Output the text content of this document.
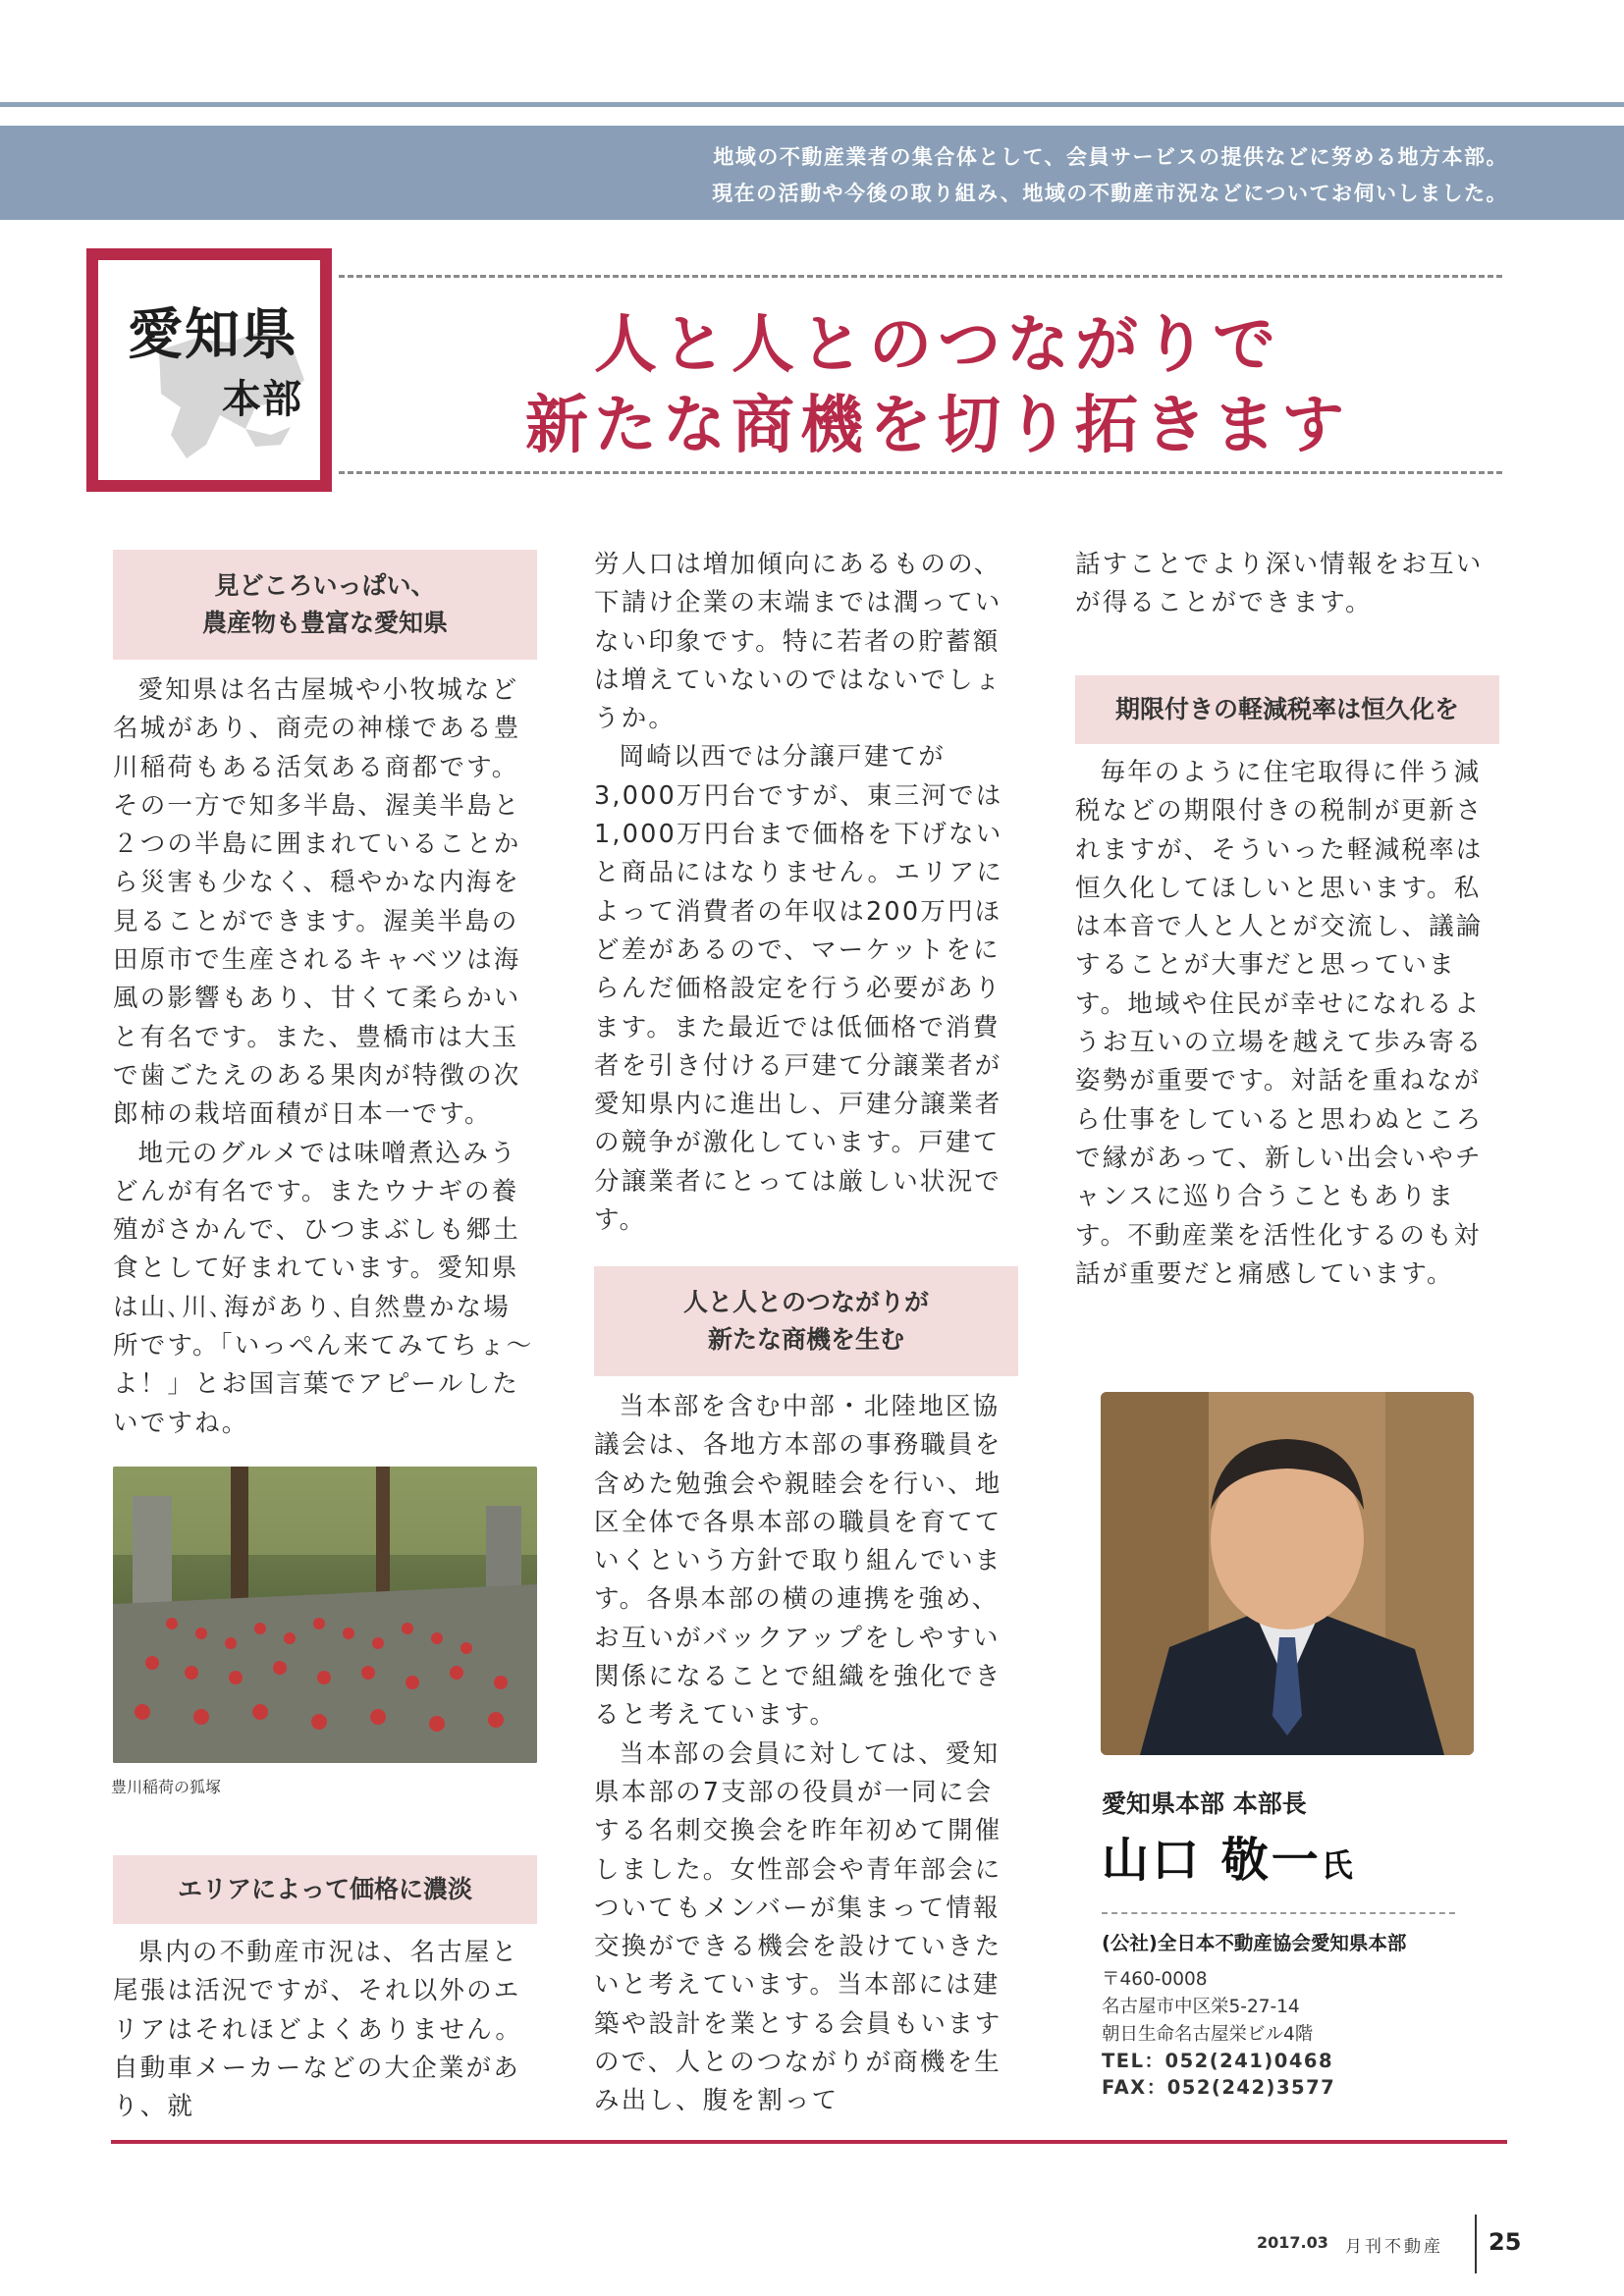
地域の不動産業者の集合体として、会員サービスの提供などに努める地方本部。
現在の活動や今後の取り組み、地域の不動産市況などについてお伺いしました。
愛知県
本部
人と人とのつながりで
新たな商機を切り拓きます
見どころいっぱい、
農産物も豊富な愛知県

愛知県は名古屋城や小牧城など名城があり、商売の神様である豊川稲荷もある活気ある商都です。その一方で知多半島、渥美半島と２つの半島に囲まれていることから災害も少なく、穏やかな内海を見ることができます。渥美半島の田原市で生産されるキャベツは海風の影響もあり、甘くて柔らかいと有名です。また、豊橋市は大玉で歯ごたえのある果肉が特徴の次郎柿の栽培面積が日本一です。

地元のグルメでは味噌煮込みうどんが有名です。またウナギの養殖がさかんで、ひつまぶしも郷土食として好まれています。愛知県は山､川､海があり､自然豊かな場所です。「いっぺん来てみてちょ～よ！」とお国言葉でアピールしたいですね。

豊川稲荷の狐塚
エリアによって価格に濃淡

県内の不動産市況は、名古屋と尾張は活況ですが、それ以外のエリアはそれほどよくありません。自動車メーカーなどの大企業があり、就

労人口は増加傾向にあるものの、下請け企業の末端までは潤っていない印象です。特に若者の貯蓄額は増えていないのではないでしょうか。

岡崎以西では分譲戸建てが3,000万円台ですが、東三河では1,000万円台まで価格を下げないと商品にはなりません。エリアによって消費者の年収は200万円ほど差があるので、マーケットをにらんだ価格設定を行う必要があります。また最近では低価格で消費者を引き付ける戸建て分譲業者が愛知県内に進出し、戸建分譲業者の競争が激化しています。戸建て分譲業者にとっては厳しい状況です。

人と人とのつながりが
新たな商機を生む

当本部を含む中部・北陸地区協議会は、各地方本部の事務職員を含めた勉強会や親睦会を行い、地区全体で各県本部の職員を育てていくという方針で取り組んでいます。各県本部の横の連携を強め、お互いがバックアップをしやすい関係になることで組織を強化できると考えています。

当本部の会員に対しては、愛知県本部の7支部の役員が一同に会する名刺交換会を昨年初めて開催しました。女性部会や青年部会についてもメンバーが集まって情報交換ができる機会を設けていきたいと考えています。当本部には建築や設計を業とする会員もいますので、人とのつながりが商機を生み出し、腹を割って

話すことでより深い情報をお互いが得ることができます。

期限付きの軽減税率は恒久化を

毎年のように住宅取得に伴う減税などの期限付きの税制が更新されますが、そういった軽減税率は恒久化してほしいと思います。私は本音で人と人とが交流し、議論することが大事だと思っています。地域や住民が幸せになれるようお互いの立場を越えて歩み寄る姿勢が重要です。対話を重ねながら仕事をしていると思わぬところで縁があって、新しい出会いやチャンスに巡り合うこともあります。不動産業を活性化するのも対話が重要だと痛感しています。

愛知県本部 本部長
山口 敬一氏
(公社)全日本不動産協会愛知県本部
〒460-0008
名古屋市中区栄5-27-14
朝日生命名古屋栄ビル4階
TEL：052(241)0468
FAX：052(242)3577
2017.03 月刊不動産 25
